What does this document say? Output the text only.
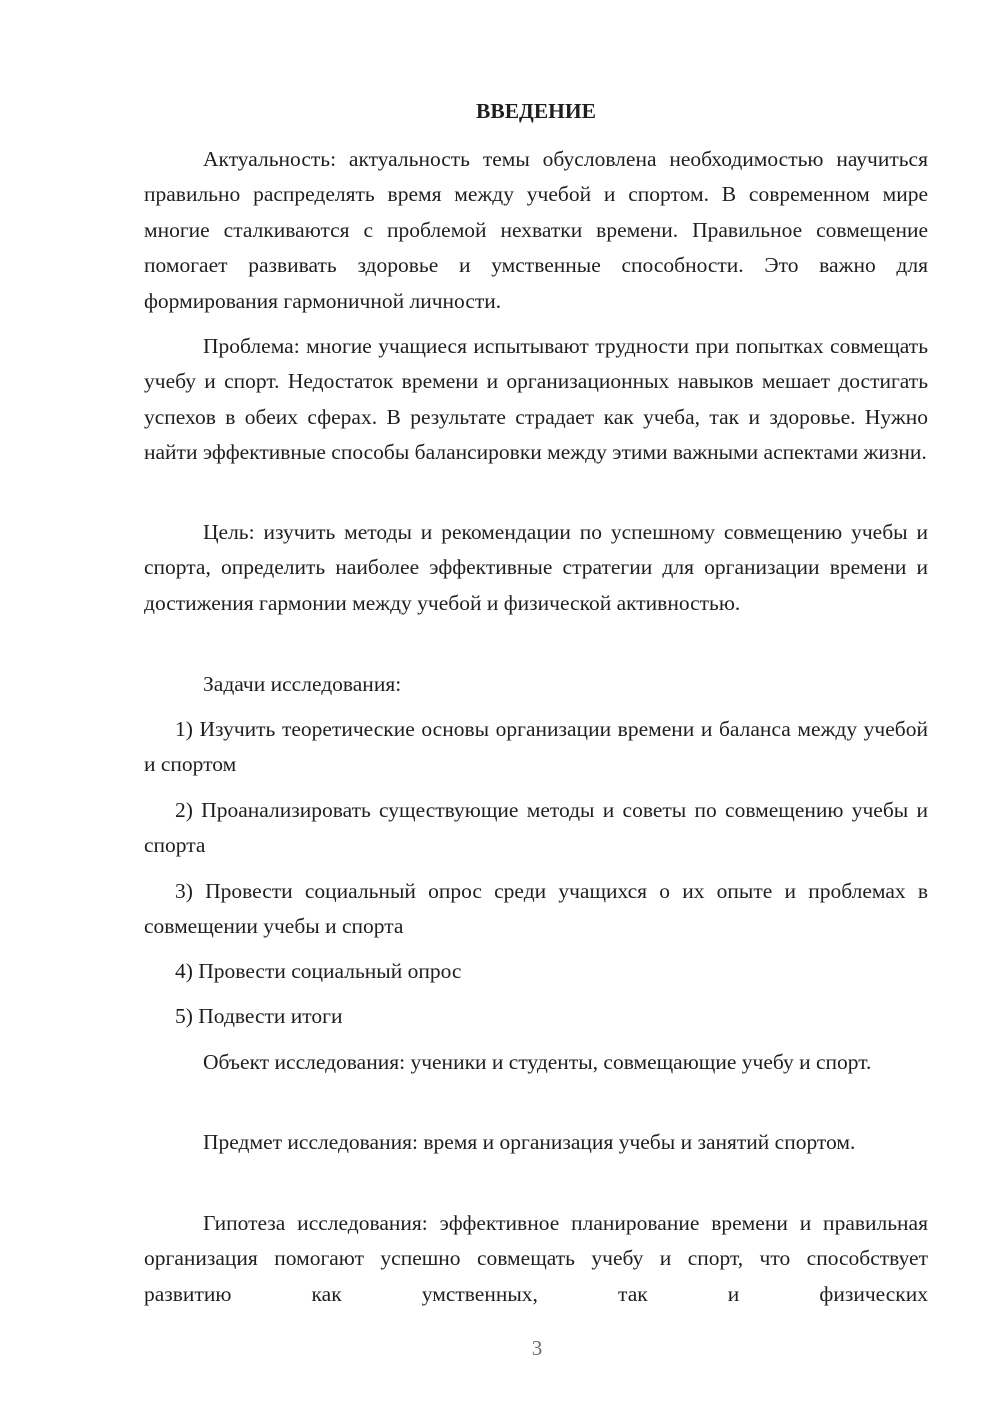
ВВЕДЕНИЕ

Актуальность: актуальность темы обусловлена необходимостью научиться правильно распределять время между учебой и спортом. В современном мире многие сталкиваются с проблемой нехватки времени. Правильное совмещение помогает развивать здоровье и умственные способности. Это важно для формирования гармоничной личности.

Проблема: многие учащиеся испытывают трудности при попытках совмещать учебу и спорт. Недостаток времени и организационных навыков мешает достигать успехов в обеих сферах. В результате страдает как учеба, так и здоровье. Нужно найти эффективные способы балансировки между этими важными аспектами жизни.

Цель: изучить методы и рекомендации по успешному совмещению учебы и спорта, определить наиболее эффективные стратегии для организации времени и достижения гармонии между учебой и физической активностью.

Задачи исследования:

1) Изучить теоретические основы организации времени и баланса между учебой и спортом

2) Проанализировать существующие методы и советы по совмещению учебы и спорта

3) Провести социальный опрос среди учащихся о их опыте и проблемах в совмещении учебы и спорта

4) Провести социальный опрос

5) Подвести итоги

Объект исследования: ученики и студенты, совмещающие учебу и спорт.

Предмет исследования: время и организация учебы и занятий спортом.

Гипотеза исследования: эффективное планирование времени и правильная организация помогают успешно совмещать учебу и спорт, что способствует развитию как умственных, так и физических

3
